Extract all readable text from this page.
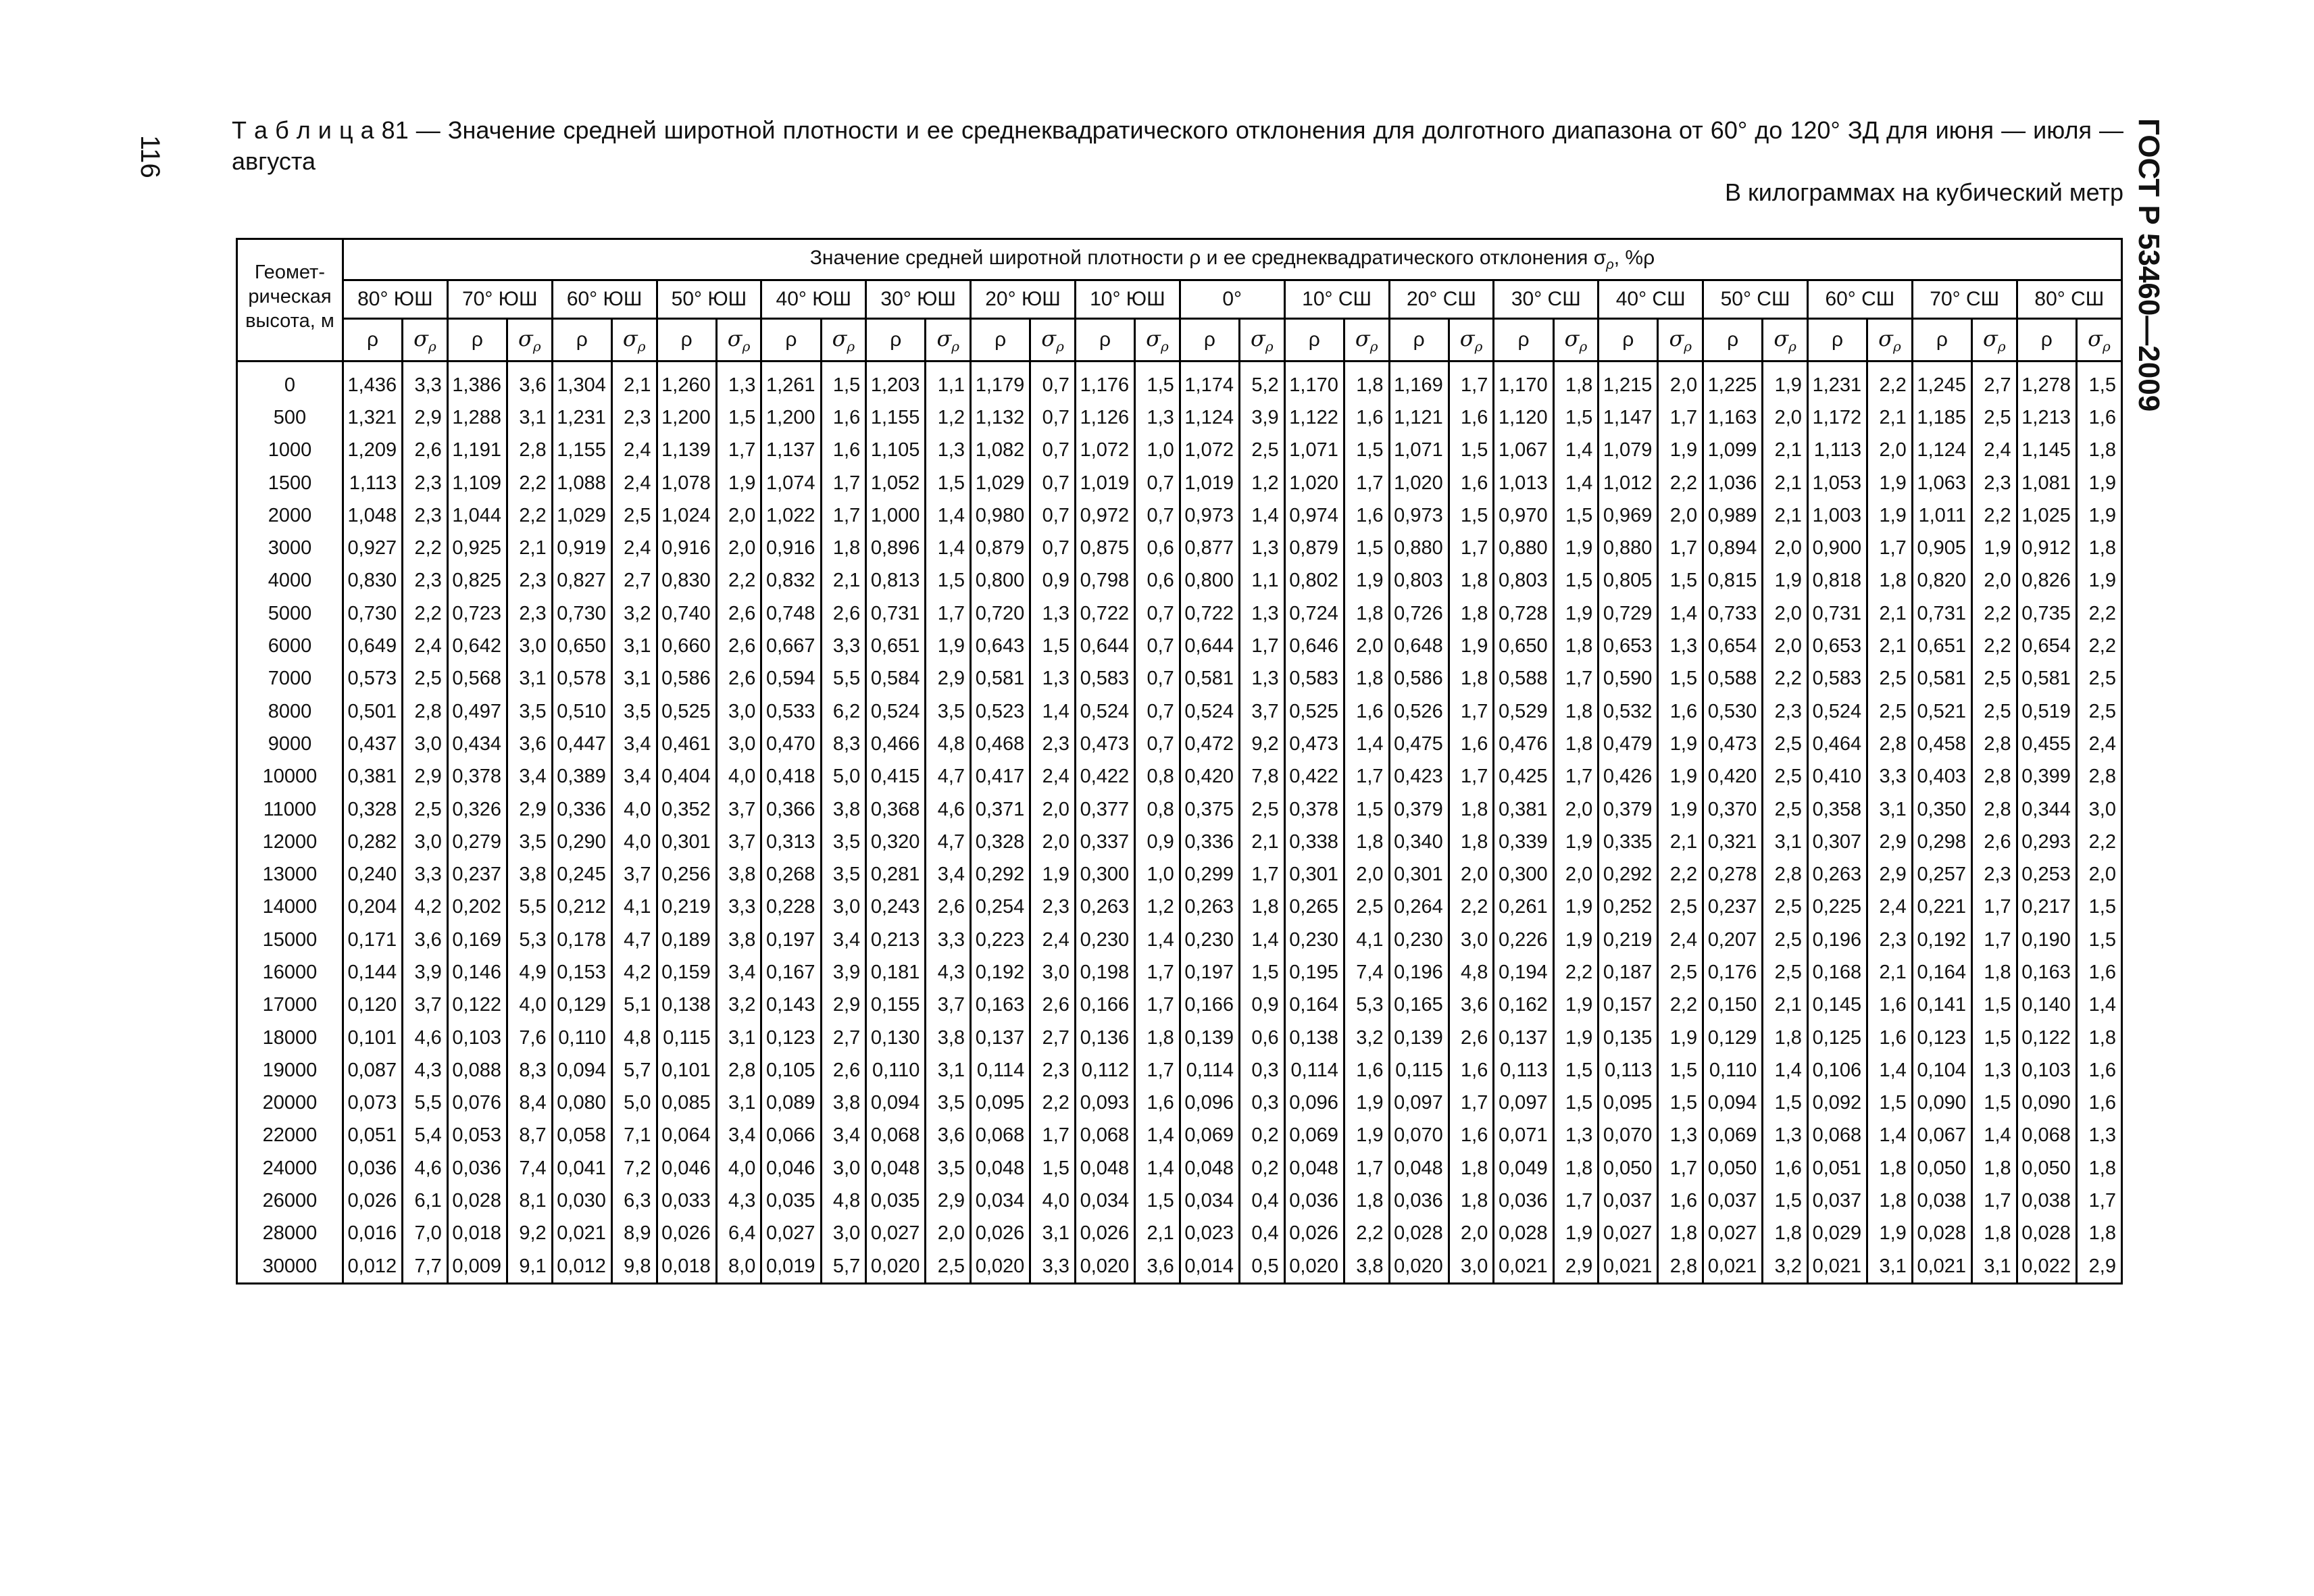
116	ГОСТ Р 53460—2009
Т а б л и ц а 81 — Значение средней широтной плотности и ее среднеквадратического отклонения для долготного диапазона от 60° до 120° ЗД для июня — июля — августа
В килограммах на кубический метр
Геомет-
рическая
высота, м	Значение средней широтной плотности ρ и ее среднеквадратического отклонения $\sigma_\rho$, %ρ																																	
	80° ЮШ		70° ЮШ		60° ЮШ		50° ЮШ		40° ЮШ		30° ЮШ		20° ЮШ		10° ЮШ		0°		10° СШ		20° СШ		30° СШ		40° СШ		50° СШ		60° СШ		70° СШ		80° СШ	
	ρ	$\sigma_\rho$	ρ	$\sigma_\rho$	ρ	$\sigma_\rho$	ρ	$\sigma_\rho$	ρ	$\sigma_\rho$	ρ	$\sigma_\rho$	ρ	$\sigma_\rho$	ρ	$\sigma_\rho$	ρ	$\sigma_\rho$	ρ	$\sigma_\rho$	ρ	$\sigma_\rho$	ρ	$\sigma_\rho$	ρ	$\sigma_\rho$	ρ	$\sigma_\rho$	ρ	$\sigma_\rho$	ρ	$\sigma_\rho$	ρ	$\sigma_\rho$
0	1,436	3,3	1,386	3,6	1,304	2,1	1,260	1,3	1,261	1,5	1,203	1,1	1,179	0,7	1,176	1,5	1,174	5,2	1,170	1,8	1,169	1,7	1,170	1,8	1,215	2,0	1,225	1,9	1,231	2,2	1,245	2,7	1,278	1,5
500	1,321	2,9	1,288	3,1	1,231	2,3	1,200	1,5	1,200	1,6	1,155	1,2	1,132	0,7	1,126	1,3	1,124	3,9	1,122	1,6	1,121	1,6	1,120	1,5	1,147	1,7	1,163	2,0	1,172	2,1	1,185	2,5	1,213	1,6
1000	1,209	2,6	1,191	2,8	1,155	2,4	1,139	1,7	1,137	1,6	1,105	1,3	1,082	0,7	1,072	1,0	1,072	2,5	1,071	1,5	1,071	1,5	1,067	1,4	1,079	1,9	1,099	2,1	1,113	2,0	1,124	2,4	1,145	1,8
1500	1,113	2,3	1,109	2,2	1,088	2,4	1,078	1,9	1,074	1,7	1,052	1,5	1,029	0,7	1,019	0,7	1,019	1,2	1,020	1,7	1,020	1,6	1,013	1,4	1,012	2,2	1,036	2,1	1,053	1,9	1,063	2,3	1,081	1,9
2000	1,048	2,3	1,044	2,2	1,029	2,5	1,024	2,0	1,022	1,7	1,000	1,4	0,980	0,7	0,972	0,7	0,973	1,4	0,974	1,6	0,973	1,5	0,970	1,5	0,969	2,0	0,989	2,1	1,003	1,9	1,011	2,2	1,025	1,9
3000	0,927	2,2	0,925	2,1	0,919	2,4	0,916	2,0	0,916	1,8	0,896	1,4	0,879	0,7	0,875	0,6	0,877	1,3	0,879	1,5	0,880	1,7	0,880	1,9	0,880	1,7	0,894	2,0	0,900	1,7	0,905	1,9	0,912	1,8
4000	0,830	2,3	0,825	2,3	0,827	2,7	0,830	2,2	0,832	2,1	0,813	1,5	0,800	0,9	0,798	0,6	0,800	1,1	0,802	1,9	0,803	1,8	0,803	1,5	0,805	1,5	0,815	1,9	0,818	1,8	0,820	2,0	0,826	1,9
5000	0,730	2,2	0,723	2,3	0,730	3,2	0,740	2,6	0,748	2,6	0,731	1,7	0,720	1,3	0,722	0,7	0,722	1,3	0,724	1,8	0,726	1,8	0,728	1,9	0,729	1,4	0,733	2,0	0,731	2,1	0,731	2,2	0,735	2,2
6000	0,649	2,4	0,642	3,0	0,650	3,1	0,660	2,6	0,667	3,3	0,651	1,9	0,643	1,5	0,644	0,7	0,644	1,7	0,646	2,0	0,648	1,9	0,650	1,8	0,653	1,3	0,654	2,0	0,653	2,1	0,651	2,2	0,654	2,2
7000	0,573	2,5	0,568	3,1	0,578	3,1	0,586	2,6	0,594	5,5	0,584	2,9	0,581	1,3	0,583	0,7	0,581	1,3	0,583	1,8	0,586	1,8	0,588	1,7	0,590	1,5	0,588	2,2	0,583	2,5	0,581	2,5	0,581	2,5
8000	0,501	2,8	0,497	3,5	0,510	3,5	0,525	3,0	0,533	6,2	0,524	3,5	0,523	1,4	0,524	0,7	0,524	3,7	0,525	1,6	0,526	1,7	0,529	1,8	0,532	1,6	0,530	2,3	0,524	2,5	0,521	2,5	0,519	2,5
9000	0,437	3,0	0,434	3,6	0,447	3,4	0,461	3,0	0,470	8,3	0,466	4,8	0,468	2,3	0,473	0,7	0,472	9,2	0,473	1,4	0,475	1,6	0,476	1,8	0,479	1,9	0,473	2,5	0,464	2,8	0,458	2,8	0,455	2,4
10000	0,381	2,9	0,378	3,4	0,389	3,4	0,404	4,0	0,418	5,0	0,415	4,7	0,417	2,4	0,422	0,8	0,420	7,8	0,422	1,7	0,423	1,7	0,425	1,7	0,426	1,9	0,420	2,5	0,410	3,3	0,403	2,8	0,399	2,8
11000	0,328	2,5	0,326	2,9	0,336	4,0	0,352	3,7	0,366	3,8	0,368	4,6	0,371	2,0	0,377	0,8	0,375	2,5	0,378	1,5	0,379	1,8	0,381	2,0	0,379	1,9	0,370	2,5	0,358	3,1	0,350	2,8	0,344	3,0
12000	0,282	3,0	0,279	3,5	0,290	4,0	0,301	3,7	0,313	3,5	0,320	4,7	0,328	2,0	0,337	0,9	0,336	2,1	0,338	1,8	0,340	1,8	0,339	1,9	0,335	2,1	0,321	3,1	0,307	2,9	0,298	2,6	0,293	2,2
13000	0,240	3,3	0,237	3,8	0,245	3,7	0,256	3,8	0,268	3,5	0,281	3,4	0,292	1,9	0,300	1,0	0,299	1,7	0,301	2,0	0,301	2,0	0,300	2,0	0,292	2,2	0,278	2,8	0,263	2,9	0,257	2,3	0,253	2,0
14000	0,204	4,2	0,202	5,5	0,212	4,1	0,219	3,3	0,228	3,0	0,243	2,6	0,254	2,3	0,263	1,2	0,263	1,8	0,265	2,5	0,264	2,2	0,261	1,9	0,252	2,5	0,237	2,5	0,225	2,4	0,221	1,7	0,217	1,5
15000	0,171	3,6	0,169	5,3	0,178	4,7	0,189	3,8	0,197	3,4	0,213	3,3	0,223	2,4	0,230	1,4	0,230	1,4	0,230	4,1	0,230	3,0	0,226	1,9	0,219	2,4	0,207	2,5	0,196	2,3	0,192	1,7	0,190	1,5
16000	0,144	3,9	0,146	4,9	0,153	4,2	0,159	3,4	0,167	3,9	0,181	4,3	0,192	3,0	0,198	1,7	0,197	1,5	0,195	7,4	0,196	4,8	0,194	2,2	0,187	2,5	0,176	2,5	0,168	2,1	0,164	1,8	0,163	1,6
17000	0,120	3,7	0,122	4,0	0,129	5,1	0,138	3,2	0,143	2,9	0,155	3,7	0,163	2,6	0,166	1,7	0,166	0,9	0,164	5,3	0,165	3,6	0,162	1,9	0,157	2,2	0,150	2,1	0,145	1,6	0,141	1,5	0,140	1,4
18000	0,101	4,6	0,103	7,6	0,110	4,8	0,115	3,1	0,123	2,7	0,130	3,8	0,137	2,7	0,136	1,8	0,139	0,6	0,138	3,2	0,139	2,6	0,137	1,9	0,135	1,9	0,129	1,8	0,125	1,6	0,123	1,5	0,122	1,8
19000	0,087	4,3	0,088	8,3	0,094	5,7	0,101	2,8	0,105	2,6	0,110	3,1	0,114	2,3	0,112	1,7	0,114	0,3	0,114	1,6	0,115	1,6	0,113	1,5	0,113	1,5	0,110	1,4	0,106	1,4	0,104	1,3	0,103	1,6
20000	0,073	5,5	0,076	8,4	0,080	5,0	0,085	3,1	0,089	3,8	0,094	3,5	0,095	2,2	0,093	1,6	0,096	0,3	0,096	1,9	0,097	1,7	0,097	1,5	0,095	1,5	0,094	1,5	0,092	1,5	0,090	1,5	0,090	1,6
22000	0,051	5,4	0,053	8,7	0,058	7,1	0,064	3,4	0,066	3,4	0,068	3,6	0,068	1,7	0,068	1,4	0,069	0,2	0,069	1,9	0,070	1,6	0,071	1,3	0,070	1,3	0,069	1,3	0,068	1,4	0,067	1,4	0,068	1,3
24000	0,036	4,6	0,036	7,4	0,041	7,2	0,046	4,0	0,046	3,0	0,048	3,5	0,048	1,5	0,048	1,4	0,048	0,2	0,048	1,7	0,048	1,8	0,049	1,8	0,050	1,7	0,050	1,6	0,051	1,8	0,050	1,8	0,050	1,8
26000	0,026	6,1	0,028	8,1	0,030	6,3	0,033	4,3	0,035	4,8	0,035	2,9	0,034	4,0	0,034	1,5	0,034	0,4	0,036	1,8	0,036	1,8	0,036	1,7	0,037	1,6	0,037	1,5	0,037	1,8	0,038	1,7	0,038	1,7
28000	0,016	7,0	0,018	9,2	0,021	8,9	0,026	6,4	0,027	3,0	0,027	2,0	0,026	3,1	0,026	2,1	0,023	0,4	0,026	2,2	0,028	2,0	0,028	1,9	0,027	1,8	0,027	1,8	0,029	1,9	0,028	1,8	0,028	1,8
30000	0,012	7,7	0,009	9,1	0,012	9,8	0,018	8,0	0,019	5,7	0,020	2,5	0,020	3,3	0,020	3,6	0,014	0,5	0,020	3,8	0,020	3,0	0,021	2,9	0,021	2,8	0,021	3,2	0,021	3,1	0,021	3,1	0,022	2,9
